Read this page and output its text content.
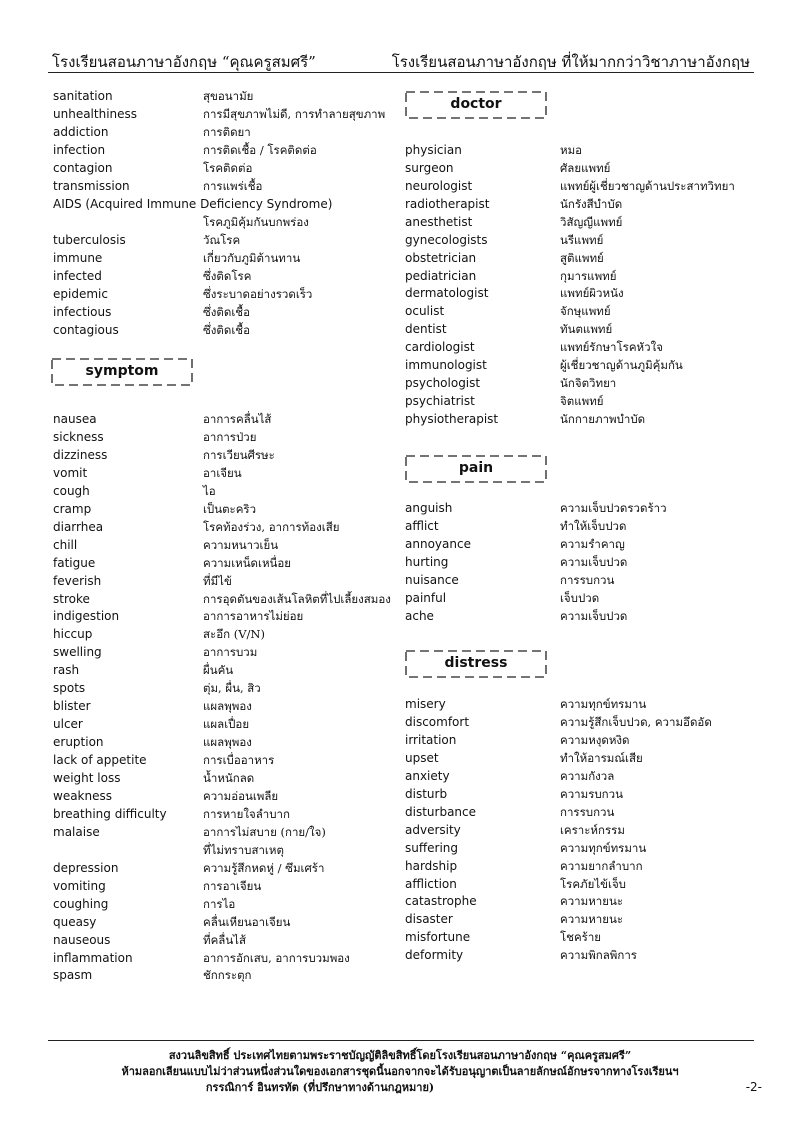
โรงเรียนสอนภาษาอังกฤษ “คุณครูสมศรี”	โรงเรียนสอนภาษาอังกฤษ ที่ให้มากกว่าวิชาภาษาอังกฤษ
sanitation	สุขอนามัย
unhealthiness	การมีสุขภาพไม่ดี, การทำลายสุขภาพ
addiction	การติดยา
infection	การติดเชื้อ / โรคติดต่อ
contagion	โรคติดต่อ
transmission	การแพร่เชื้อ
AIDS (Acquired Immune Deficiency Syndrome)
โรคภูมิคุ้มกันบกพร่อง
tuberculosis	วัณโรค
immune	เกี่ยวกับภูมิต้านทาน
infected	ซึ่งติดโรค
epidemic	ซึ่งระบาดอย่างรวดเร็ว
infectious	ซึ่งติดเชื้อ
contagious	ซึ่งติดเชื้อ
symptom
nausea	อาการคลื่นไส้
sickness	อาการป่วย
dizziness	การเวียนศีรษะ
vomit	อาเจียน
cough	ไอ
cramp	เป็นตะคริว
diarrhea	โรคท้องร่วง, อาการท้องเสีย
chill	ความหนาวเย็น
fatigue	ความเหน็ดเหนื่อย
feverish	ที่มีไข้
stroke	การอุดตันของเส้นโลหิตที่ไปเลี้ยงสมอง
indigestion	อาการอาหารไม่ย่อย
hiccup	สะอึก (V/N)
swelling	อาการบวม
rash	ผื่นคัน
spots	ตุ่ม, ผื่น, สิว
blister	แผลพุพอง
ulcer	แผลเปื่อย
eruption	แผลพุพอง
lack of appetite	การเบื่ออาหาร
weight loss	น้ำหนักลด
weakness	ความอ่อนเพลีย
breathing difficulty	การหายใจลำบาก
malaise	อาการไม่สบาย (กาย/ใจ)
ที่ไม่ทราบสาเหตุ
depression	ความรู้สึกหดหู่ / ซึมเศร้า
vomiting	การอาเจียน
coughing	การไอ
queasy	คลื่นเหียนอาเจียน
nauseous	ที่คลื่นไส้
inflammation	อาการอักเสบ, อาการบวมพอง
spasm	ชักกระตุก
doctor
physician	หมอ
surgeon	ศัลยแพทย์
neurologist	แพทย์ผู้เชี่ยวชาญด้านประสาทวิทยา
radiotherapist	นักรังสีบำบัด
anesthetist	วิสัญญีแพทย์
gynecologists	นรีแพทย์
obstetrician	สูติแพทย์
pediatrician	กุมารแพทย์
dermatologist	แพทย์ผิวหนัง
oculist	จักษุแพทย์
dentist	ทันตแพทย์
cardiologist	แพทย์รักษาโรคหัวใจ
immunologist	ผู้เชี่ยวชาญด้านภูมิคุ้มกัน
psychologist	นักจิตวิทยา
psychiatrist	จิตแพทย์
physiotherapist	นักกายภาพบำบัด
pain
anguish	ความเจ็บปวดรวดร้าว
afflict	ทำให้เจ็บปวด
annoyance	ความรำคาญ
hurting	ความเจ็บปวด
nuisance	การรบกวน
painful	เจ็บปวด
ache	ความเจ็บปวด
distress
misery	ความทุกข์ทรมาน
discomfort	ความรู้สึกเจ็บปวด, ความอึดอัด
irritation	ความหงุดหงิด
upset	ทำให้อารมณ์เสีย
anxiety	ความกังวล
disturb	ความรบกวน
disturbance	การรบกวน
adversity	เคราะห์กรรม
suffering	ความทุกข์ทรมาน
hardship	ความยากลำบาก
affliction	โรคภัยไข้เจ็บ
catastrophe	ความหายนะ
disaster	ความหายนะ
misfortune	โชคร้าย
deformity	ความพิกลพิการ
สงวนลิขสิทธิ์ ประเทศไทยตามพระราชบัญญัติลิขสิทธิ์โดยโรงเรียนสอนภาษาอังกฤษ “คุณครูสมศรี”
ห้ามลอกเลียนแบบไม่ว่าส่วนหนึ่งส่วนใดของเอกสารชุดนี้นอกจากจะได้รับอนุญาตเป็นลายลักษณ์อักษรจากทางโรงเรียนฯ
กรรณิการ์ อินทรทัต (ที่ปรึกษาทางด้านกฎหมาย)	-2-
